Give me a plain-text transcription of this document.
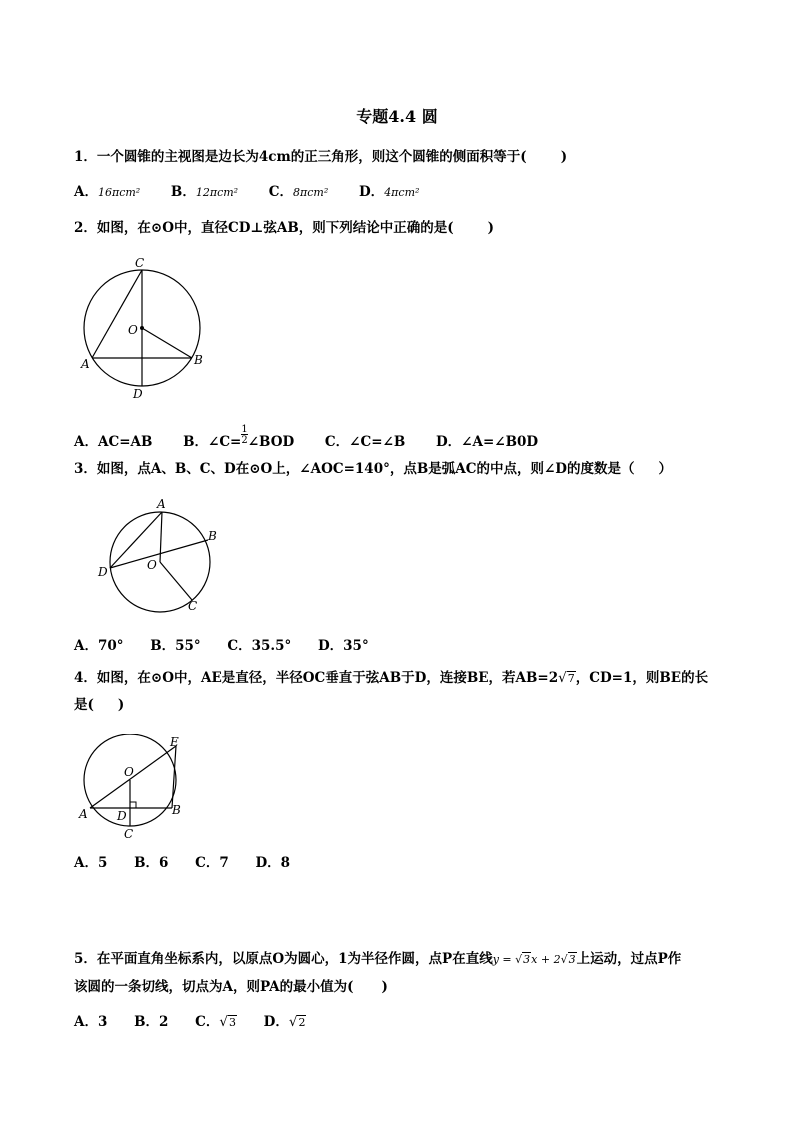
专题4.4 圆
1．一个圆锥的主视图是边长为4cm的正三角形，则这个圆锥的侧面积等于(	)
A．16πcm² B．12πcm² C．8πcm² D．4πcm²
2．如图，在⊙O中，直径CD⊥弦AB，则下列结论中正确的是(	)
C
O
A	B
D
A．AC=AB B．$\angle C=\frac{1}{2}\angle BOD$ C．∠C=∠B D．∠A=∠B0D
3．如图，点A、B、C、D在⊙O上，∠AOC=140°，点B是弧AC的中点，则∠D的度数是（ ）
A
B
D	O
C
A．70° B．55° C．35.5° D．35°
4．如图，在⊙O中，AE是直径，半径OC垂直于弦AB于D，连接BE，若AB=2√7，CD=1，则BE的长
是( )
E
O
A D	B
C
A．5 B．6 C．7 D．8
5．在平面直角坐标系内，以原点O为圆心，1为半径作圆，点P在直线y = √3x + 2√3上运动，过点P作
该圆的一条切线，切点为A，则PA的最小值为( )
A．3 B．2 C．√3 D．√2
